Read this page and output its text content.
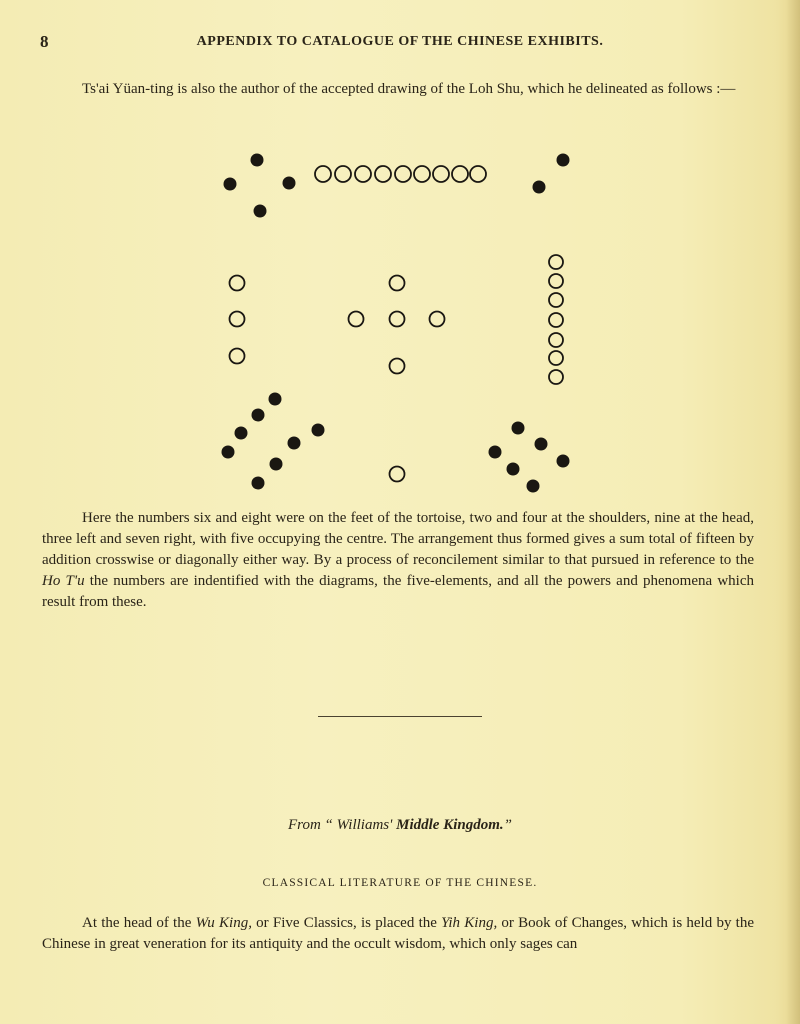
8	APPENDIX TO CATALOGUE OF THE CHINESE EXHIBITS.

Ts'ai Yüan-ting is also the author of the accepted drawing of the Loh Shu, which he delineated as follows :—

Here the numbers six and eight were on the feet of the tortoise, two and four at the shoulders, nine at the head, three left and seven right, with five occupying the centre. The arrangement thus formed gives a sum total of fifteen by addition crosswise or diagonally either way. By a process of reconcilement similar to that pursued in reference to the Ho T'u the numbers are indentified with the diagrams, the five-elements, and all the powers and phenomena which result from these.

From “ Williams' Middle Kingdom.”
CLASSICAL LITERATURE OF THE CHINESE.

At the head of the Wu King, or Five Classics, is placed the Yih King, or Book of Changes, which is held by the Chinese in great veneration for its antiquity and the occult wisdom, which only sages can
